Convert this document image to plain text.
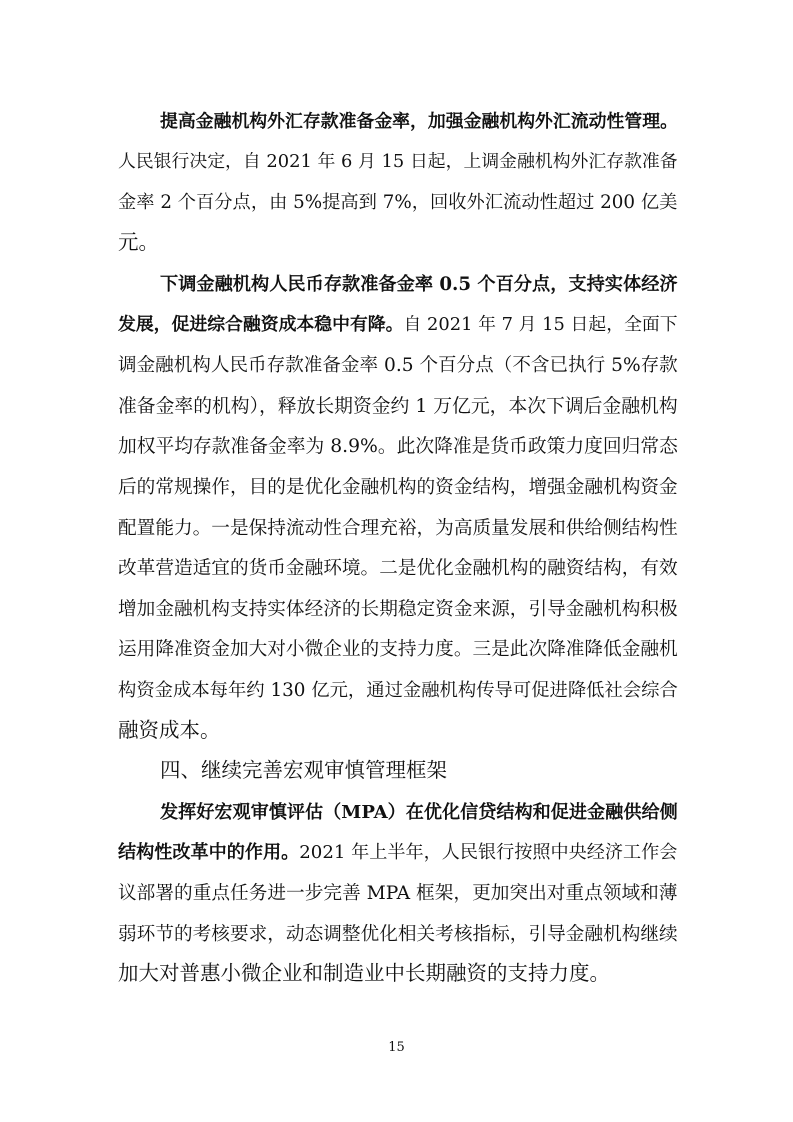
提高金融机构外汇存款准备金率，加强金融机构外汇流动性管理。
人民银行决定，自 2021 年 6 月 15 日起，上调金融机构外汇存款准备
金率 2 个百分点，由 5%提高到 7%，回收外汇流动性超过 200 亿美
元。
下调金融机构人民币存款准备金率 0.5 个百分点，支持实体经济
发展，促进综合融资成本稳中有降。自 2021 年 7 月 15 日起，全面下
调金融机构人民币存款准备金率 0.5 个百分点（不含已执行 5%存款
准备金率的机构），释放长期资金约 1 万亿元，本次下调后金融机构
加权平均存款准备金率为 8.9%。此次降准是货币政策力度回归常态
后的常规操作，目的是优化金融机构的资金结构，增强金融机构资金
配置能力。一是保持流动性合理充裕，为高质量发展和供给侧结构性
改革营造适宜的货币金融环境。二是优化金融机构的融资结构，有效
增加金融机构支持实体经济的长期稳定资金来源，引导金融机构积极
运用降准资金加大对小微企业的支持力度。三是此次降准降低金融机
构资金成本每年约 130 亿元，通过金融机构传导可促进降低社会综合
融资成本。
四、继续完善宏观审慎管理框架
发挥好宏观审慎评估（MPA）在优化信贷结构和促进金融供给侧
结构性改革中的作用。2021 年上半年，人民银行按照中央经济工作会
议部署的重点任务进一步完善 MPA 框架，更加突出对重点领域和薄
弱环节的考核要求，动态调整优化相关考核指标，引导金融机构继续
加大对普惠小微企业和制造业中长期融资的支持力度。
15
